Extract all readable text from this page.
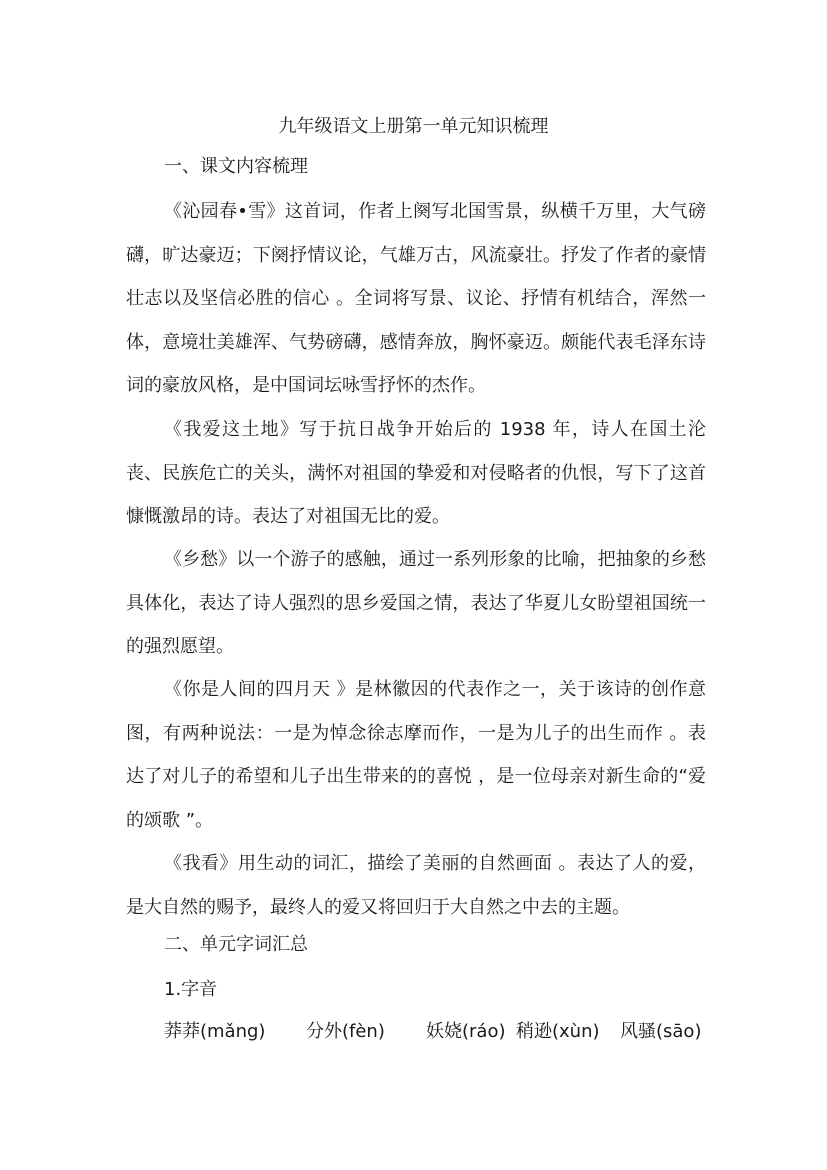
九年级语文上册第一单元知识梳理
一、课文内容梳理

《沁园春•雪》这首词，作者上阕写北国雪景，纵横千万里，大气磅礴，旷达豪迈；下阕抒情议论，气雄万古，风流豪壮。抒发了作者的豪情壮志以及坚信必胜的信心 。全词将写景、议论、抒情有机结合，浑然一体，意境壮美雄浑、气势磅礴，感情奔放，胸怀豪迈。颇能代表毛泽东诗词的豪放风格，是中国词坛咏雪抒怀的杰作。

《我爱这土地》写于抗日战争开始后的 1938 年，诗人在国土沦丧、民族危亡的关头，满怀对祖国的挚爱和对侵略者的仇恨，写下了这首慷慨激昂的诗。表达了对祖国无比的爱。

《乡愁》以一个游子的感触，通过一系列形象的比喻，把抽象的乡愁具体化，表达了诗人强烈的思乡爱国之情，表达了华夏儿女盼望祖国统一的强烈愿望。

《你是人间的四月天 》是林徽因的代表作之一，关于该诗的创作意图，有两种说法：一是为悼念徐志摩而作，一是为儿子的出生而作 。表达了对儿子的希望和儿子出生带来的的喜悦 ，是一位母亲对新生命的“爱的颂歌 ”。

《我看》用生动的词汇，描绘了美丽的自然画面 。表达了人的爱，是大自然的赐予，最终人的爱又将回归于大自然之中去的主题。

二、单元字词汇总
1.字音
莽莽(mǎng) 分外(fèn) 妖娆(ráo) 稍逊(xùn) 风骚(sāo)
